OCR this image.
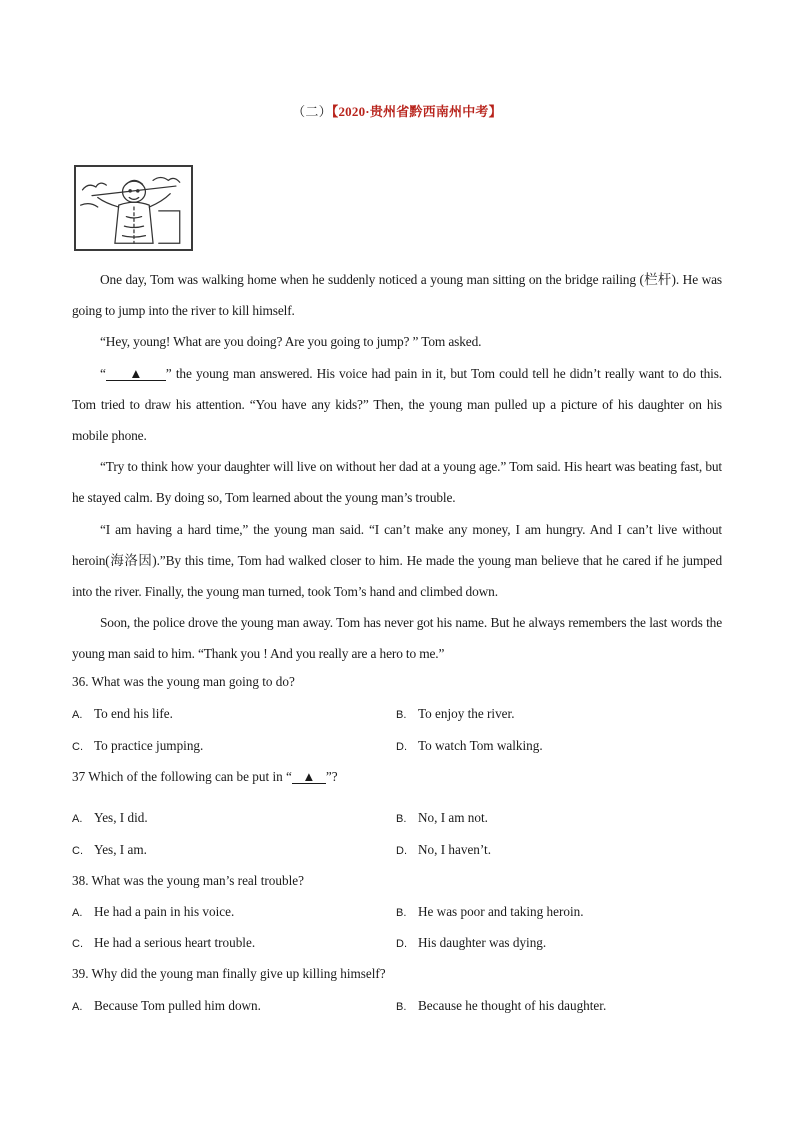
（二）【2020·贵州省黔西南州中考】

One day, Tom was walking home when he suddenly noticed a young man sitting on the bridge railing (栏杆). He was going to jump into the river to kill himself.

“Hey, young! What are you doing? Are you going to jump? ” Tom asked.

“ ▲ ” the young man answered. His voice had pain in it, but Tom could tell he didn’t really want to do this. Tom tried to draw his attention. “You have any kids?” Then, the young man pulled up a picture of his daughter on his mobile phone.

“Try to think how your daughter will live on without her dad at a young age.” Tom said. His heart was beating fast, but he stayed calm. By doing so, Tom learned about the young man’s trouble.

“I am having a hard time,” the young man said. “I can’t make any money, I am hungry. And I can’t live without heroin(海洛因).”By this time, Tom had walked closer to him. He made the young man believe that he cared if he jumped into the river. Finally, the young man turned, took Tom’s hand and climbed down.

Soon, the police drove the young man away. Tom has never got his name. But he always remembers the last words the young man said to him. “Thank you ! And you really are a hero to me.”

36. What was the young man going to do?
A. To end his life.	B. To enjoy the river.
C. To practice jumping.	D. To watch Tom walking.
37 Which of the following can be put in “ ▲ ”?
A. Yes, I did.	B. No, I am not.
C. Yes, I am.	D. No, I haven’t.
38. What was the young man’s real trouble?
A. He had a pain in his voice.	B. He was poor and taking heroin.
C. He had a serious heart trouble.	D. His daughter was dying.
39. Why did the young man finally give up killing himself?
A. Because Tom pulled him down.	B. Because he thought of his daughter.
